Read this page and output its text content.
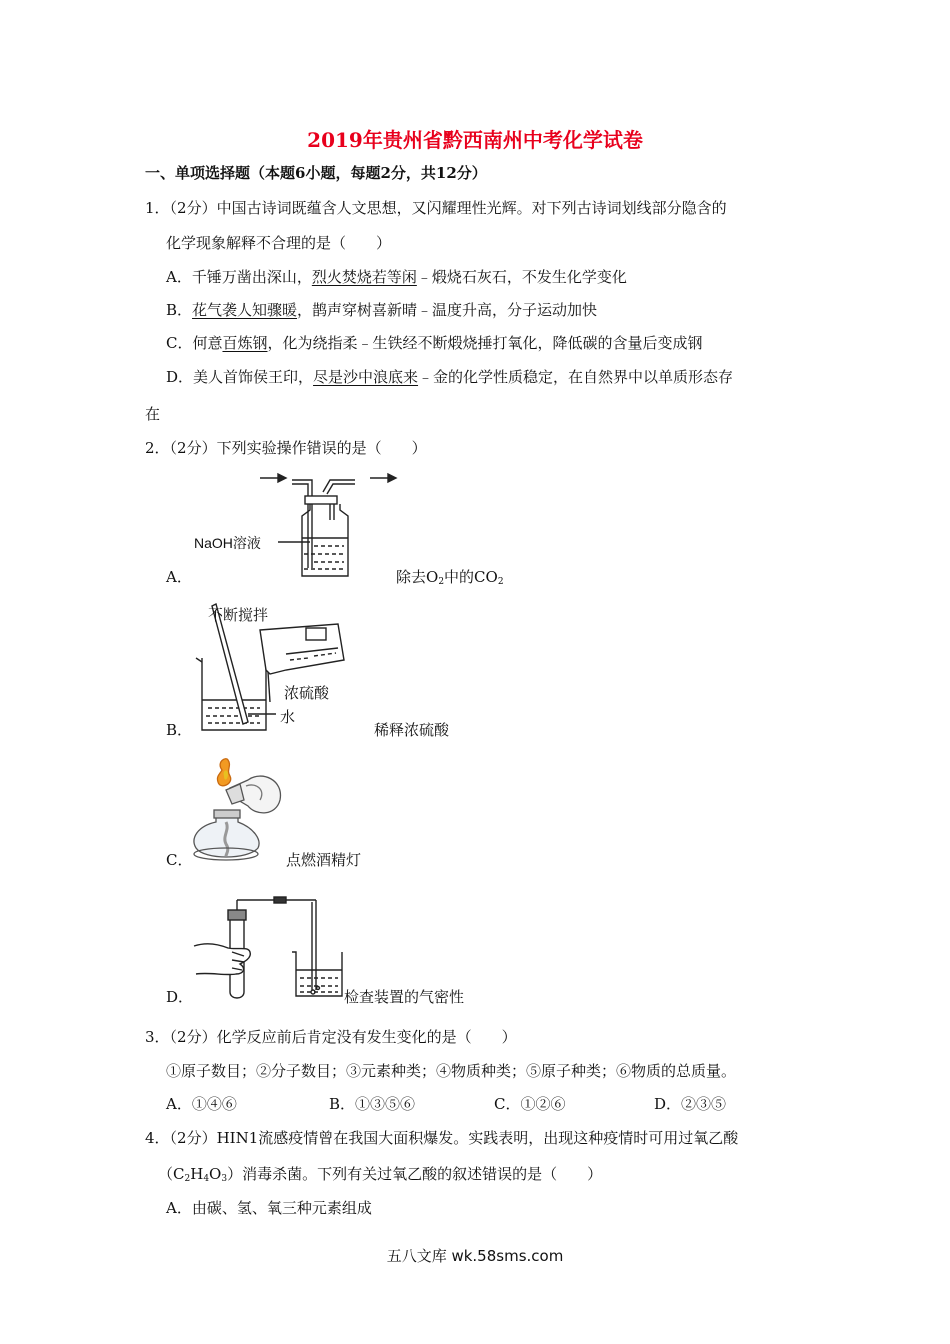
2019年贵州省黔西南州中考化学试卷
一、单项选择题（本题6小题，每题2分，共12分）
1．（2分）中国古诗词既蕴含人文思想，又闪耀理性光辉。对下列古诗词划线部分隐含的
化学现象解释不合理的是（　　）
A．千锤万凿出深山，烈火焚烧若等闲﹣煅烧石灰石，不发生化学变化
B．花气袭人知骤暖，鹊声穿树喜新晴﹣温度升高，分子运动加快
C．何意百炼钢，化为绕指柔﹣生铁经不断煅烧捶打氧化，降低碳的含量后变成钢
D．美人首饰侯王印，尽是沙中浪底来﹣金的化学性质稳定，在自然界中以单质形态存
在
2．（2分）下列实验操作错误的是（　　）
NaOH溶液
A．	除去$O_2$中的$CO_2$
不断搅拌
浓硫酸
水
B．	稀释浓硫酸
C．	点燃酒精灯
D．	检查装置的气密性
3．（2分）化学反应前后肯定没有发生变化的是（　　）
①原子数目；②分子数目；③元素种类；④物质种类；⑤原子种类；⑥物质的总质量。
A．①④⑥	B．①③⑤⑥	C．①②⑥	D．②③⑤
4．（2分）HIN1流感疫情曾在我国大面积爆发。实践表明，出现这种疫情时可用过氧乙酸
$(C_2H_4O_3)$消毒杀菌。下列有关过氧乙酸的叙述错误的是（　　）
A．由碳、氢、氧三种元素组成
五八文库 wk.58sms.com
